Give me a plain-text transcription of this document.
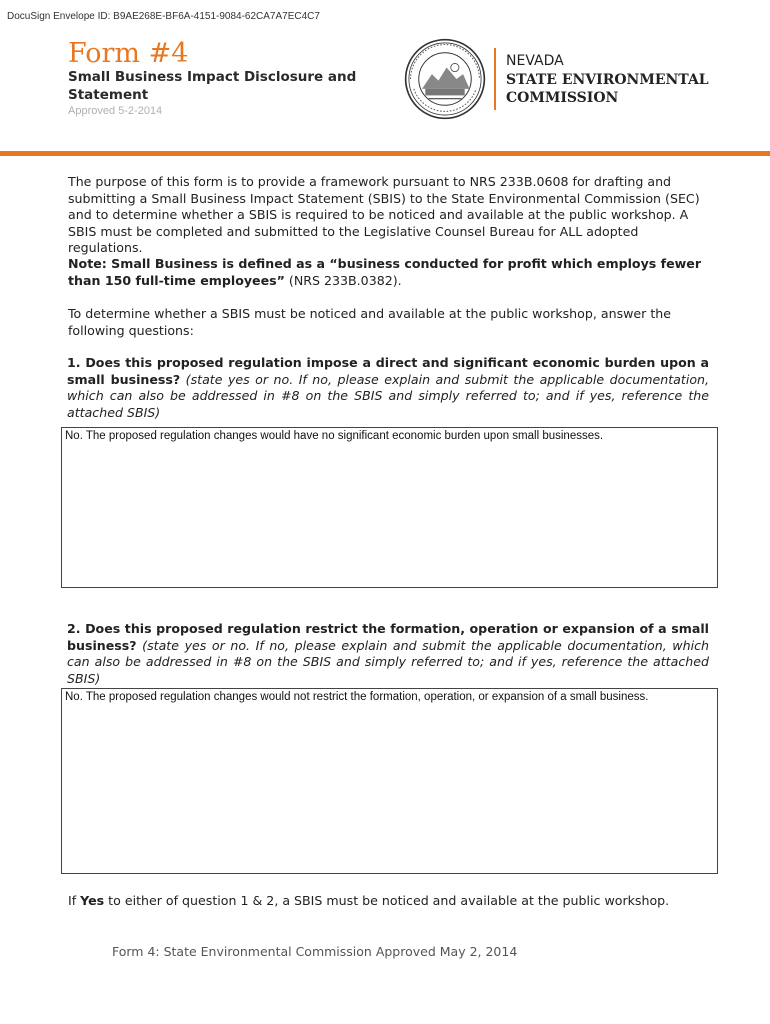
DocuSign Envelope ID: B9AE268E-BF6A-4151-9084-62CA7A7EC4C7
Form #4
Small Business Impact Disclosure and Statement
Approved 5-2-2014
NEVADA
STATE ENVIRONMENTAL COMMISSION
The purpose of this form is to provide a framework pursuant to NRS 233B.0608 for drafting and submitting a Small Business Impact Statement (SBIS) to the State Environmental Commission (SEC) and to determine whether a SBIS is required to be noticed and available at the public workshop. A SBIS must be completed and submitted to the Legislative Counsel Bureau for ALL adopted regulations.
Note: Small Business is defined as a “business conducted for profit which employs fewer than 150 full-time employees” (NRS 233B.0382).
To determine whether a SBIS must be noticed and available at the public workshop, answer the following questions:
1. Does this proposed regulation impose a direct and significant economic burden upon a small business? (state yes or no. If no, please explain and submit the applicable documentation, which can also be addressed in #8 on the SBIS and simply referred to; and if yes, reference the attached SBIS)
No. The proposed regulation changes would have no significant economic burden upon small businesses.
2. Does this proposed regulation restrict the formation, operation or expansion of a small business? (state yes or no. If no, please explain and submit the applicable documentation, which can also be addressed in #8 on the SBIS and simply referred to; and if yes, reference the attached SBIS)
No. The proposed regulation changes would not restrict the formation, operation, or expansion of a small business.
If Yes to either of question 1 & 2, a SBIS must be noticed and available at the public workshop.
Form 4: State Environmental Commission Approved May 2, 2014
